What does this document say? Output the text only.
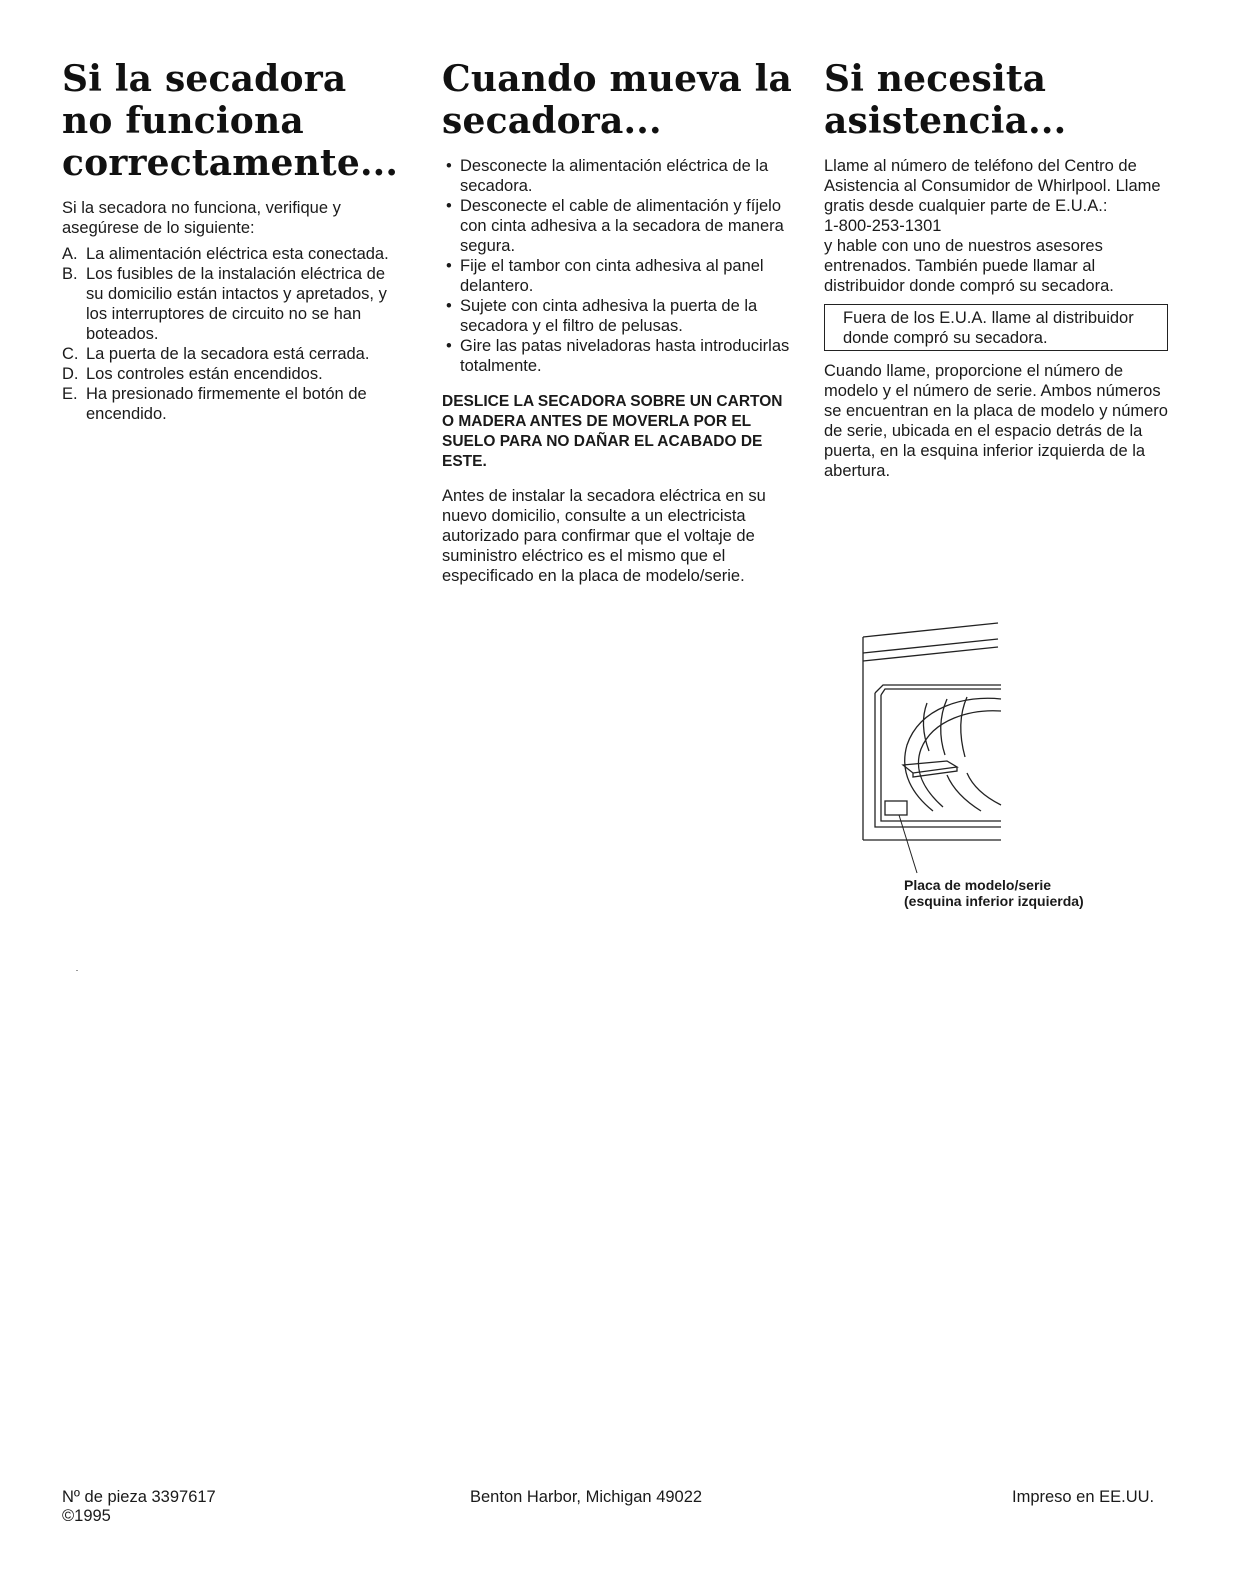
Si la secadora no funciona correctamente...

Si la secadora no funciona, verifique y asegúrese de lo siguiente:

A. La alimentación eléctrica esta conectada.
B. Los fusibles de la instalación eléctrica de su domicilio están intactos y apretados, y los interruptores de circuito no se han boteados.
C. La puerta de la secadora está cerrada.
D. Los controles están encendidos.
E. Ha presionado firmemente el botón de encendido.
Cuando mueva la secadora...
• Desconecte la alimentación eléctrica de la secadora.
• Desconecte el cable de alimentación y fíjelo con cinta adhesiva a la secadora de manera segura.
• Fije el tambor con cinta adhesiva al panel delantero.
• Sujete con cinta adhesiva la puerta de la secadora y el filtro de pelusas.
• Gire las patas niveladoras hasta introducirlas totalmente.

DESLICE LA SECADORA SOBRE UN CARTON O MADERA ANTES DE MOVERLA POR EL SUELO PARA NO DAÑAR EL ACABADO DE ESTE.

Antes de instalar la secadora eléctrica en su nuevo domicilio, consulte a un electricista autorizado para confirmar que el voltaje de suministro eléctrico es el mismo que el especificado en la placa de modelo/serie.

Si necesita asistencia...

Llame al número de teléfono del Centro de Asistencia al Consumidor de Whirlpool. Llame gratis desde cualquier parte de E.U.A.:

1-800-253-1301

y hable con uno de nuestros asesores entrenados. También puede llamar al distribuidor donde compró su secadora.

Fuera de los E.U.A. llame al distribuidor donde compró su secadora.

Cuando llame, proporcione el número de modelo y el número de serie. Ambos números se encuentran en la placa de modelo y número de serie, ubicada en el espacio detrás de la puerta, en la esquina inferior izquierda de la abertura.

Placa de modelo/serie
(esquina inferior izquierda)
Nº de pieza 3397617
©1995
Benton Harbor, Michigan 49022	Impreso en EE.UU.
